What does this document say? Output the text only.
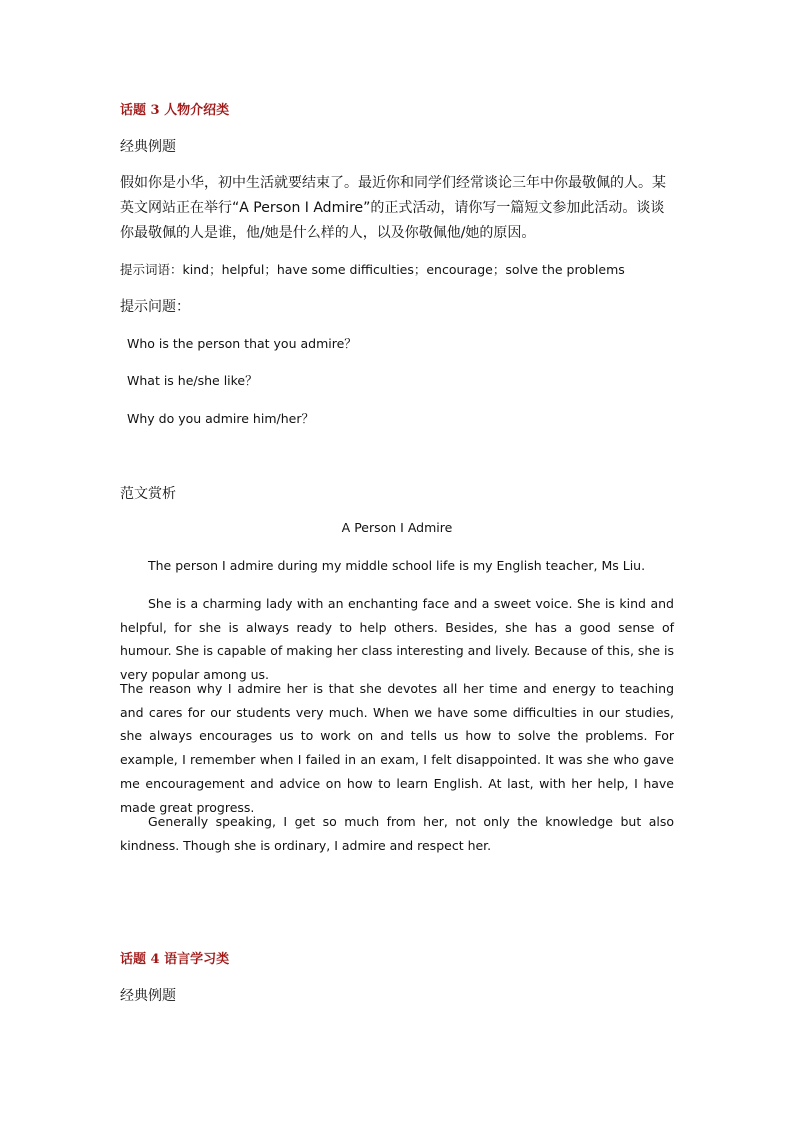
话题 3 人物介绍类

经典例题

假如你是小华，初中生活就要结束了。最近你和同学们经常谈论三年中你最敬佩的人。某英文网站正在举行“A Person I Admire”的正式活动，请你写一篇短文参加此活动。谈谈你最敬佩的人是谁，他/她是什么样的人，以及你敬佩他/她的原因。

提示词语：kind；helpful；have some difficulties；encourage；solve the problems

提示问题：

Who is the person that you admire？

What is he/she like？

Why do you admire him/her？

范文赏析

A Person I Admire

The person I admire during my middle school life is my English teacher, Ms Liu.

She is a charming lady with an enchanting face and a sweet voice. She is kind and helpful, for she is always ready to help others. Besides, she has a good sense of humour. She is capable of making her class interesting and lively. Because of this, she is very popular among us.

The reason why I admire her is that she devotes all her time and energy to teaching and cares for our students very much. When we have some difficulties in our studies, she always encourages us to work on and tells us how to solve the problems. For example, I remember when I failed in an exam, I felt disappointed. It was she who gave me encouragement and advice on how to learn English. At last, with her help, I have made great progress.

Generally speaking, I get so much from her, not only the knowledge but also kindness. Though she is ordinary, I admire and respect her.

话题 4 语言学习类

经典例题
